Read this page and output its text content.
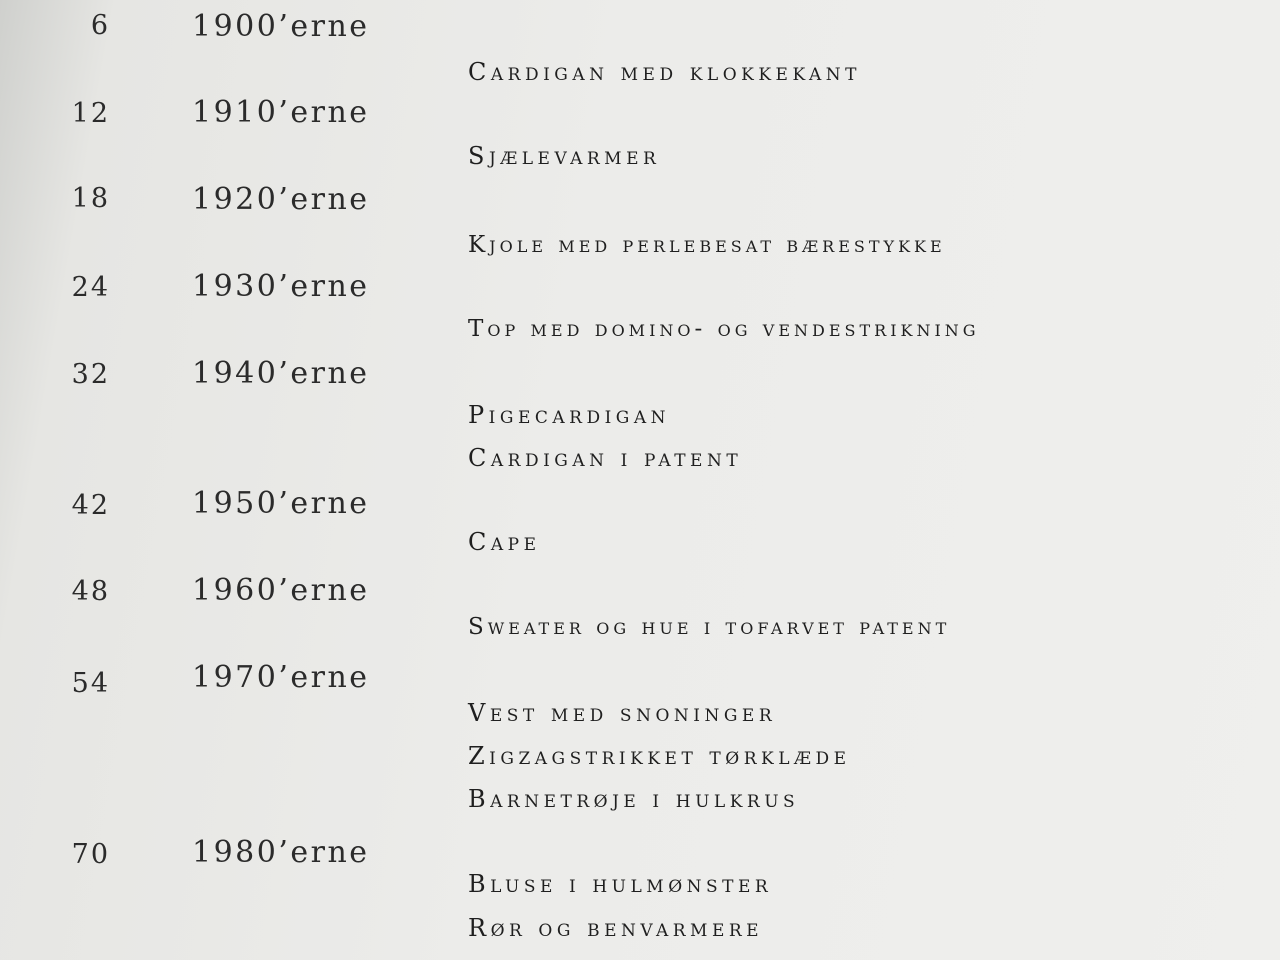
6	1900’erne
Cardigan med klokkekant
12	1910’erne
Sjælevarmer
18	1920’erne
Kjole med perlebesat bærestykke
24	1930’erne
Top med domino- og vendestrikning
32	1940’erne
Pigecardigan
Cardigan i patent
42	1950’erne
Cape
48	1960’erne
Sweater og hue i tofarvet patent
54	1970’erne
Vest med snoninger
Zigzagstrikket tørklæde
Barnetrøje i hulkrus
70	1980’erne
Bluse i hulmønster
Rør og benvarmere
